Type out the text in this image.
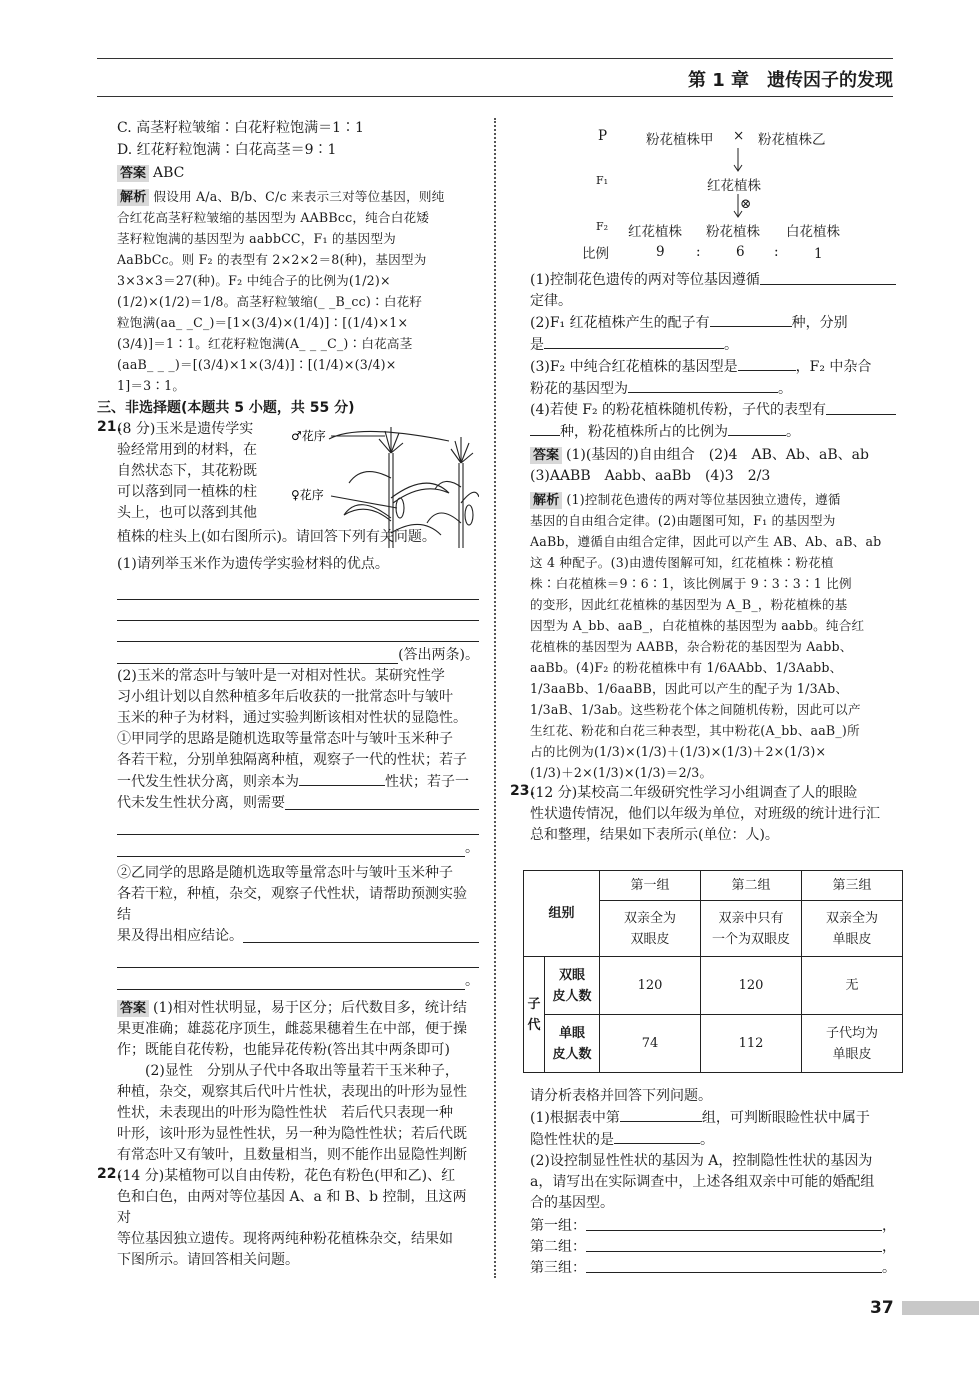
第 1 章　遗传因子的发现

C. 高茎籽粒皱缩∶白花籽粒饱满＝1∶1

D. 红花籽粒饱满∶白花高茎＝9∶1

答案 ABC

解析 假设用 A/a、B/b、C/c 来表示三对等位基因，则纯

合红花高茎籽粒皱缩的基因型为 AABBcc，纯合白花矮

茎籽粒饱满的基因型为 aabbCC，F₁ 的基因型为

AaBbCc。则 F₂ 的表型有 2×2×2＝8(种)，基因型为

3×3×3＝27(种)。F₂ 中纯合子的比例为(1/2)×

(1/2)×(1/2)＝1/8。高茎籽粒皱缩(_ _B_cc)∶白花籽

粒饱满(aa_ _C_)＝[1×(3/4)×(1/4)]∶[(1/4)×1×

(3/4)]＝1∶1。红花籽粒饱满(A_ _ _C_)∶白花高茎

(aaB_ _ _)＝[(3/4)×1×(3/4)]∶[(1/4)×(3/4)×

1]＝3∶1。

三、非选择题(本题共 5 小题，共 55 分)

21.

(8 分)玉米是遗传学实

验经常用到的材料，在

自然状态下，其花粉既

可以落到同一植株的柱

头上，也可以落到其他

♂花序
♀花序

植株的柱头上(如右图所示)。请回答下列有关问题。

(1)请列举玉米作为遗传学实验材料的优点。

(答出两条)。

(2)玉米的常态叶与皱叶是一对相对性状。某研究性学

习小组计划以自然种植多年后收获的一批常态叶与皱叶

玉米的种子为材料，通过实验判断该相对性状的显隐性。

①甲同学的思路是随机选取等量常态叶与皱叶玉米种子

各若干粒，分别单独隔离种植，观察子一代的性状；若子

一代发生性状分离，则亲本为	性状；若子一

代未发生性状分离，则需要

。

②乙同学的思路是随机选取等量常态叶与皱叶玉米种子

各若干粒，种植，杂交，观察子代性状，请帮助预测实验结

果及得出相应结论。

。

答案 (1)相对性状明显，易于区分；后代数目多，统计结

果更准确；雄蕊花序顶生，雌蕊果穗着生在中部，便于操

作；既能自花传粉，也能异花传粉(答出其中两条即可)

　　(2)显性　分别从子代中各取出等量若干玉米种子，

种植，杂交，观察其后代叶片性状，表现出的叶形为显性

性状，未表现出的叶形为隐性性状　若后代只表现一种

叶形，该叶形为显性性状，另一种为隐性性状；若后代既

有常态叶又有皱叶，且数量相当，则不能作出显隐性判断

22.

(14 分)某植物可以自由传粉，花色有粉色(甲和乙)、红

色和白色，由两对等位基因 A、a 和 B、b 控制，且这两对

等位基因独立遗传。现将两纯种粉花植株杂交，结果如

下图所示。请回答相关问题。

P	粉花植株甲 × 粉花植株乙
F₁	红花植株
⊗
F₂ 红花植株 粉花植株 白花植株
比例	9 :	6 :	1

(1)控制花色遗传的两对等位基因遵循

定律。

(2)F₁ 红花植株产生的配子有	种，分别

是	。

(3)F₂ 中纯合红花植株的基因型是	，F₂ 中杂合

粉花的基因型为	。

(4)若使 F₂ 的粉花植株随机传粉，子代的表型有

种，粉花植株所占的比例为	。

答案 (1)(基因的)自由组合　(2)4　AB、Ab、aB、ab

(3)AABB　Aabb、aaBb　(4)3　2/3

解析 (1)控制花色遗传的两对等位基因独立遗传，遵循

基因的自由组合定律。(2)由题图可知，F₁ 的基因型为

AaBb，遵循自由组合定律，因此可以产生 AB、Ab、aB、ab

这 4 种配子。(3)由遗传图解可知，红花植株∶粉花植

株∶白花植株＝9∶6∶1，该比例属于 9∶3∶3∶1 比例

的变形，因此红花植株的基因型为 A_B_，粉花植株的基

因型为 A_bb、aaB_，白花植株的基因型为 aabb。纯合红

花植株的基因型为 AABB，杂合粉花的基因型为 Aabb、

aaBb。(4)F₂ 的粉花植株中有 1/6AAbb、1/3Aabb、

1/3aaBb、1/6aaBB，因此可以产生的配子为 1/3Ab、

1/3aB、1/3ab。这些粉花个体之间随机传粉，因此可以产

生红花、粉花和白花三种表型，其中粉花(A_bb、aaB_)所

占的比例为(1/3)×(1/3)＋(1/3)×(1/3)＋2×(1/3)×

(1/3)＋2×(1/3)×(1/3)＝2/3。

23.

(12 分)某校高二年级研究性学习小组调查了人的眼睑

性状遗传情况，他们以年级为单位，对班级的统计进行汇

总和整理，结果如下表所示(单位：人)。

组别		第一组	第二组	第三组
		双亲全为
双眼皮	双亲中只有
一个为双眼皮	双亲全为
单眼皮
子
代	双眼
皮人数	120	120	无
	单眼
皮人数	74	112	子代均为
单眼皮

请分析表格并回答下列问题。

(1)根据表中第	组，可判断眼睑性状中属于

隐性性状的是	。

(2)设控制显性性状的基因为 A，控制隐性性状的基因为

a，请写出在实际调查中，上述各组双亲中可能的婚配组

合的基因型。

第一组：	，

第二组：	，

第三组：	。

37
